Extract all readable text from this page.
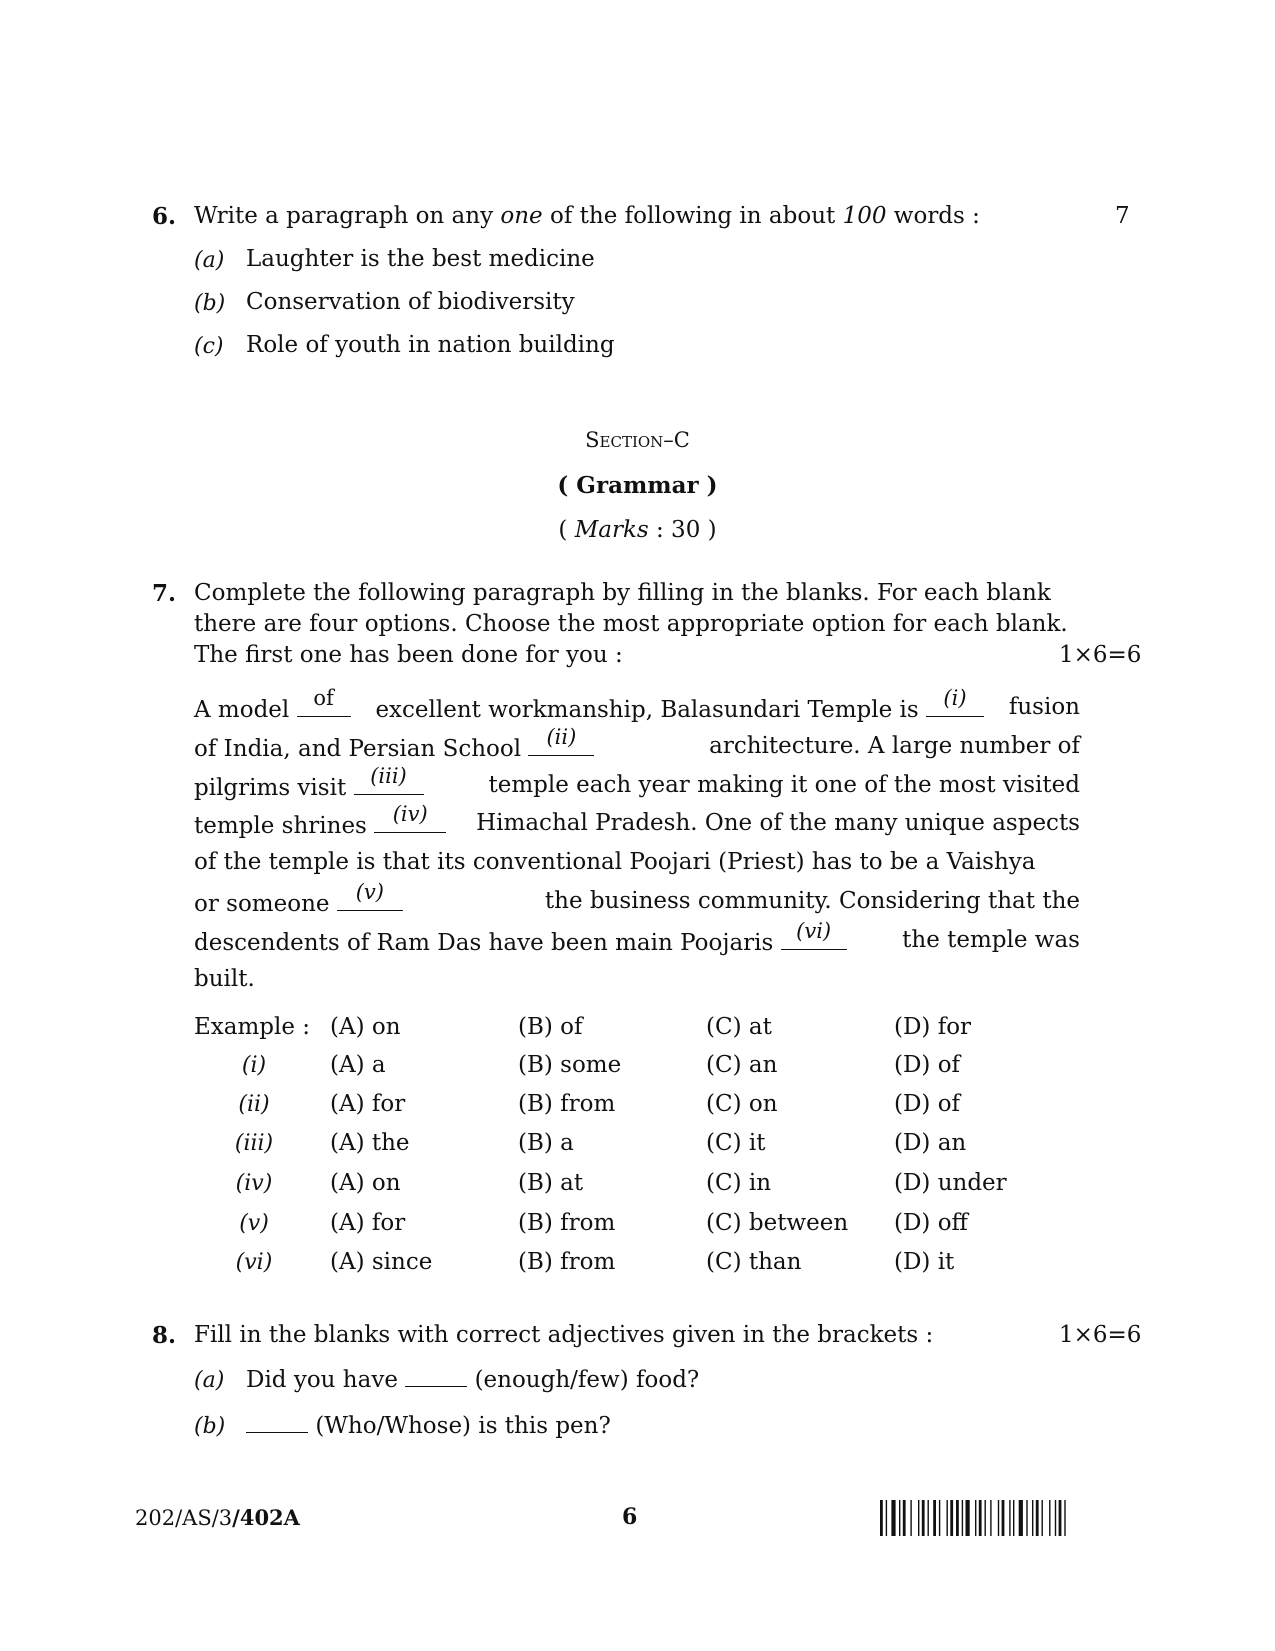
6. Write a paragraph on any one of the following in about 100 words :	7
(a) Laughter is the best medicine
(b) Conservation of biodiversity
(c) Role of youth in nation building
Section–C
( Grammar )
( Marks : 30 )
7. Complete the following paragraph by filling in the blanks. For each blank
there are four options. Choose the most appropriate option for each blank.
The first one has been done for you :	1×6=6
A model	of	excellent workmanship, Balasundari Temple is	(i)	fusion
of India, and Persian School	(ii)	architecture. A large number of
pilgrims visit	(iii)	temple each year making it one of the most visited
temple shrines	(iv)	Himachal Pradesh. One of the many unique aspects
of the temple is that its conventional Poojari (Priest) has to be a Vaishya
or someone	(v)	the business community. Considering that the
descendents of Ram Das have been main Poojaris	(vi)	the temple was
built.
Example : (A) on	(B) of	(C) at	(D) for
(i)	(A) a	(B) some	(C) an	(D) of
(ii)	(A) for	(B) from	(C) on	(D) of
(iii)	(A) the	(B) a	(C) it	(D) an
(iv)	(A) on	(B) at	(C) in	(D) under
(v)	(A) for	(B) from	(C) between (D) off
(vi)	(A) since	(B) from	(C) than	(D) it
8. Fill in the blanks with correct adjectives given in the brackets :	1×6=6
(a) Did you have	(enough/few) food?
(b)	(Who/Whose) is this pen?
202/AS/3/402A	6
